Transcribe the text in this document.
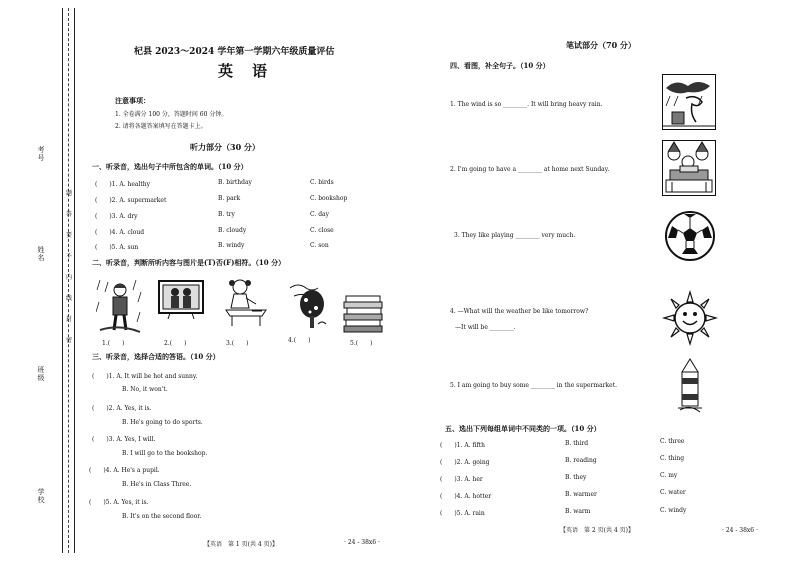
考号
姓名
班级
学校
题
答
要
不
内
线
封
密
杞县 2023～2024 学年第一学期六年级质量评估
英　语
注意事项：
1. 全卷满分 100 分，答题时间 60 分钟。
2. 请将各题答案填写在答题卡上。
听力部分（30 分）
一、听录音，选出句子中所包含的单词。（10 分）
(　　)1. A. healthy	B. birthday	C. birds
(　　)2. A. supermarket	B. park	C. bookshop
(　　)3. A. dry	B. try	C. day
(　　)4. A. cloud	B. cloudy	C. close
(　　)5. A. sun	B. windy	C. son
二、听录音，判断所听内容与图片是(T)否(F)相符。（10 分）
1.(　　)	2.(　　)	3.(　　)	4.(　　)	5.(　　)
三、听录音，选择合适的答语。（10 分）
(　　)1. A. It will be hot and sunny.
B. No, it won't.
(　　)2. A. Yes, it is.
B. He's going to do sports.
(　　)3. A. Yes, I will.
B. I will go to the bookshop.
(　　)4. A. He's a pupil.
B. He's in Class Three.
(　　)5. A. Yes, it is.
B. It's on the second floor.
【英语　第 1 页(共 4 页)】	· 24 - 38x6 ·
笔试部分（70 分）
四、看图，补全句子。（10 分）
1. The wind is so ________. It will bring heavy rain.
2. I'm going to have a ________ at home next Sunday.
3. They like playing ________ very much.
4. —What will the weather be like tomorrow?
—It will be ________.
5. I am going to buy some ________ in the supermarket.
五、选出下列每组单词中不同类的一项。（10 分）
(　　)1. A. fifth	B. third	C. three
(　　)2. A. going	B. reading	C. thing
(　　)3. A. her	B. they	C. my
(　　)4. A. hotter	B. warmer	C. water
(　　)5. A. rain	B. warm	C. windy
【英语　第 2 页(共 4 页)】	· 24 - 38x6 ·
